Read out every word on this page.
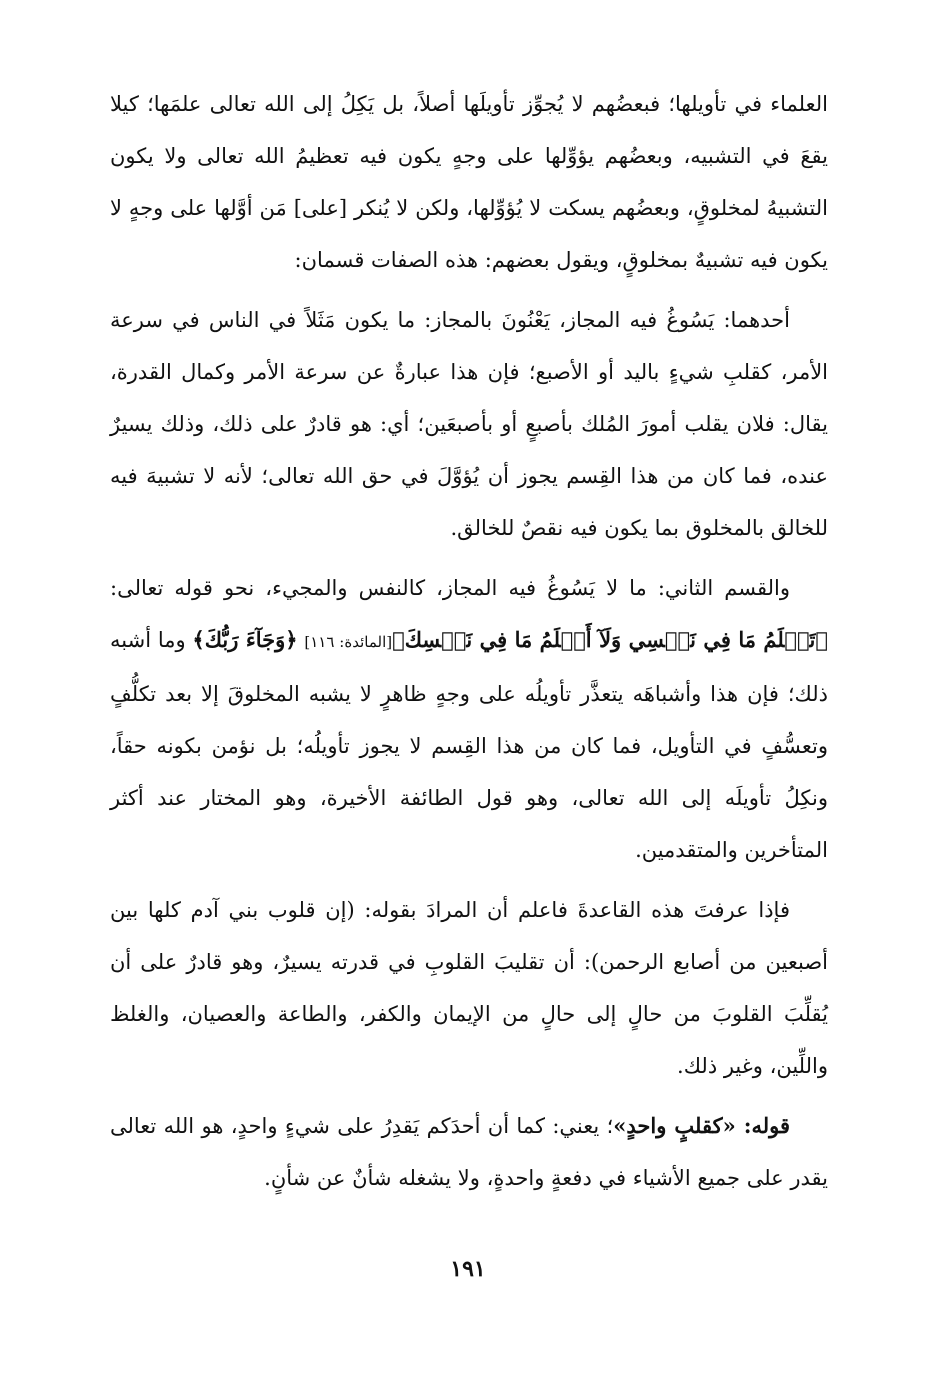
العلماء في تأويلها؛ فبعضُهم لا يُجوِّز تأويلَها أصلاً، بل يَكِلُ إلى الله تعالى علمَها؛ كيلا يقعَ في التشبيه، وبعضُهم يؤوِّلها على وجهٍ يكون فيه تعظيمُ الله تعالى ولا يكون التشبيهُ لمخلوقٍ، وبعضُهم يسكت لا يُؤوِّلها، ولكن لا يُنكر [على] مَن أوَّلها على وجهٍ لا يكون فيه تشبيهٌ بمخلوقٍ، ويقول بعضهم: هذه الصفات قسمان:

أحدهما: يَسُوغُ فيه المجاز، يَعْنُونَ بالمجاز: ما يكون مَثَلاً في الناس في سرعة الأمر، كقلبِ شيءٍ باليد أو الأصبع؛ فإن هذا عبارةٌ عن سرعة الأمر وكمال القدرة، يقال: فلان يقلب أمورَ المُلك بأصبعٍ أو بأصبعَين؛ أي: هو قادرٌ على ذلك، وذلك يسيرٌ عنده، فما كان من هذا القِسم يجوز أن يُؤوَّلَ في حق الله تعالى؛ لأنه لا تشبيهَ فيه للخالق بالمخلوق بما يكون فيه نقصٌ للخالق.

والقسم الثاني: ما لا يَسُوغُ فيه المجاز، كالنفس والمجيء، نحو قوله تعالى: ﴿تَعۡلَمُ مَا فِي نَفۡسِي وَلَآ أَعۡلَمُ مَا فِي نَفۡسِكَ﴾[المائدة: ١١٦] ﴿وَجَآءَ رَبُّكَ﴾ وما أشبه ذلك؛ فإن هذا وأشباهَه يتعذَّر تأويلُه على وجهٍ ظاهرٍ لا يشبه المخلوقَ إلا بعد تكلُّفٍ وتعسُّفٍ في التأويل، فما كان من هذا القِسم لا يجوز تأويلُه؛ بل نؤمن بكونه حقاً، ونكِلُ تأويلَه إلى الله تعالى، وهو قول الطائفة الأخيرة، وهو المختار عند أكثر المتأخرين والمتقدمين.

فإذا عرفتَ هذه القاعدةَ فاعلم أن المرادَ بقوله: (إن قلوب بني آدم كلها بين أصبعين من أصابع الرحمن): أن تقليبَ القلوبِ في قدرته يسيرٌ، وهو قادرٌ على أن يُقلِّبَ القلوبَ من حالٍ إلى حالٍ من الإيمان والكفر، والطاعة والعصيان، والغلظ واللِّين، وغير ذلك.

قوله: «كقلبٍ واحدٍ»؛ يعني: كما أن أحدَكم يَقدِرُ على شيءٍ واحدٍ، هو الله تعالى يقدر على جميع الأشياء في دفعةٍ واحدةٍ، ولا يشغله شأنٌ عن شأنٍ.

١٩١
